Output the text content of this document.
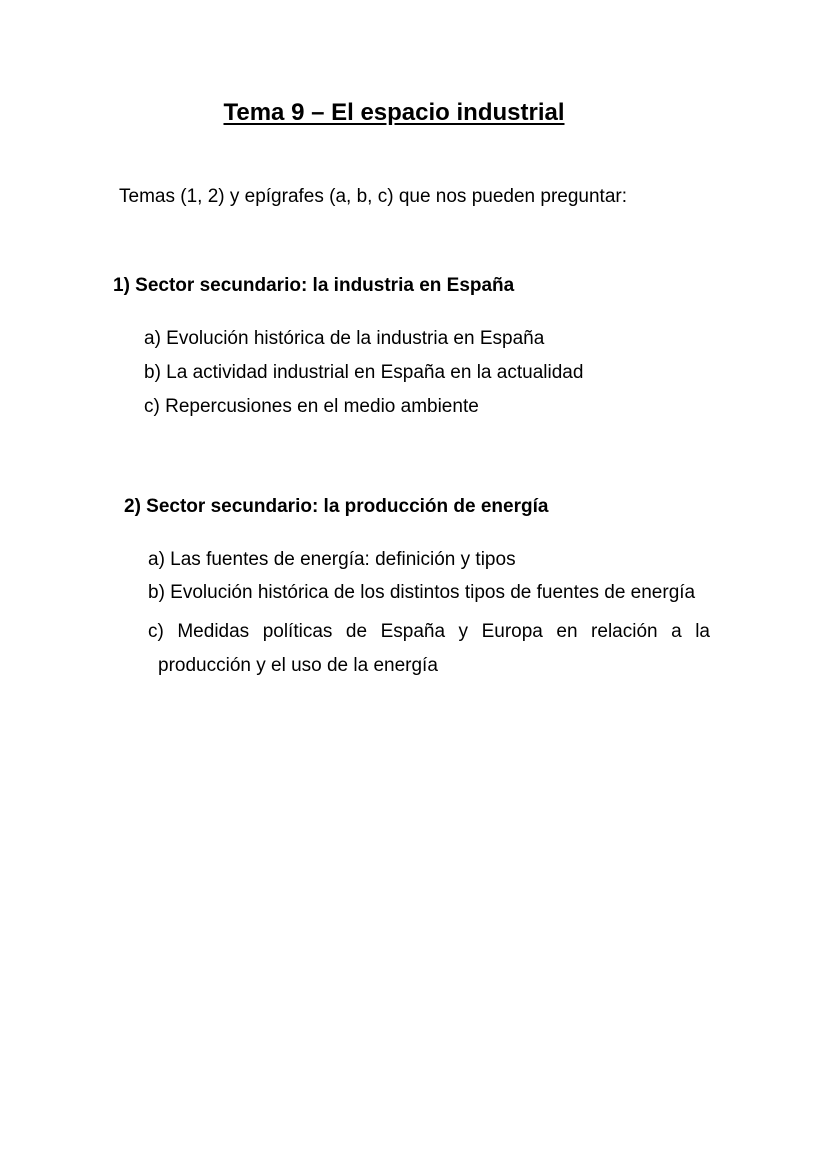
Tema 9 – El espacio industrial
Temas (1, 2) y epígrafes (a, b, c) que nos pueden preguntar:
1) Sector secundario: la industria en España
a) Evolución histórica de la industria en España
b) La actividad industrial en España en la actualidad
c) Repercusiones en el medio ambiente
2) Sector secundario: la producción de energía
a) Las fuentes de energía: definición y tipos
b) Evolución histórica de los distintos tipos de fuentes de energía
c) Medidas políticas de España y Europa en relación a la
producción y el uso de la energía
